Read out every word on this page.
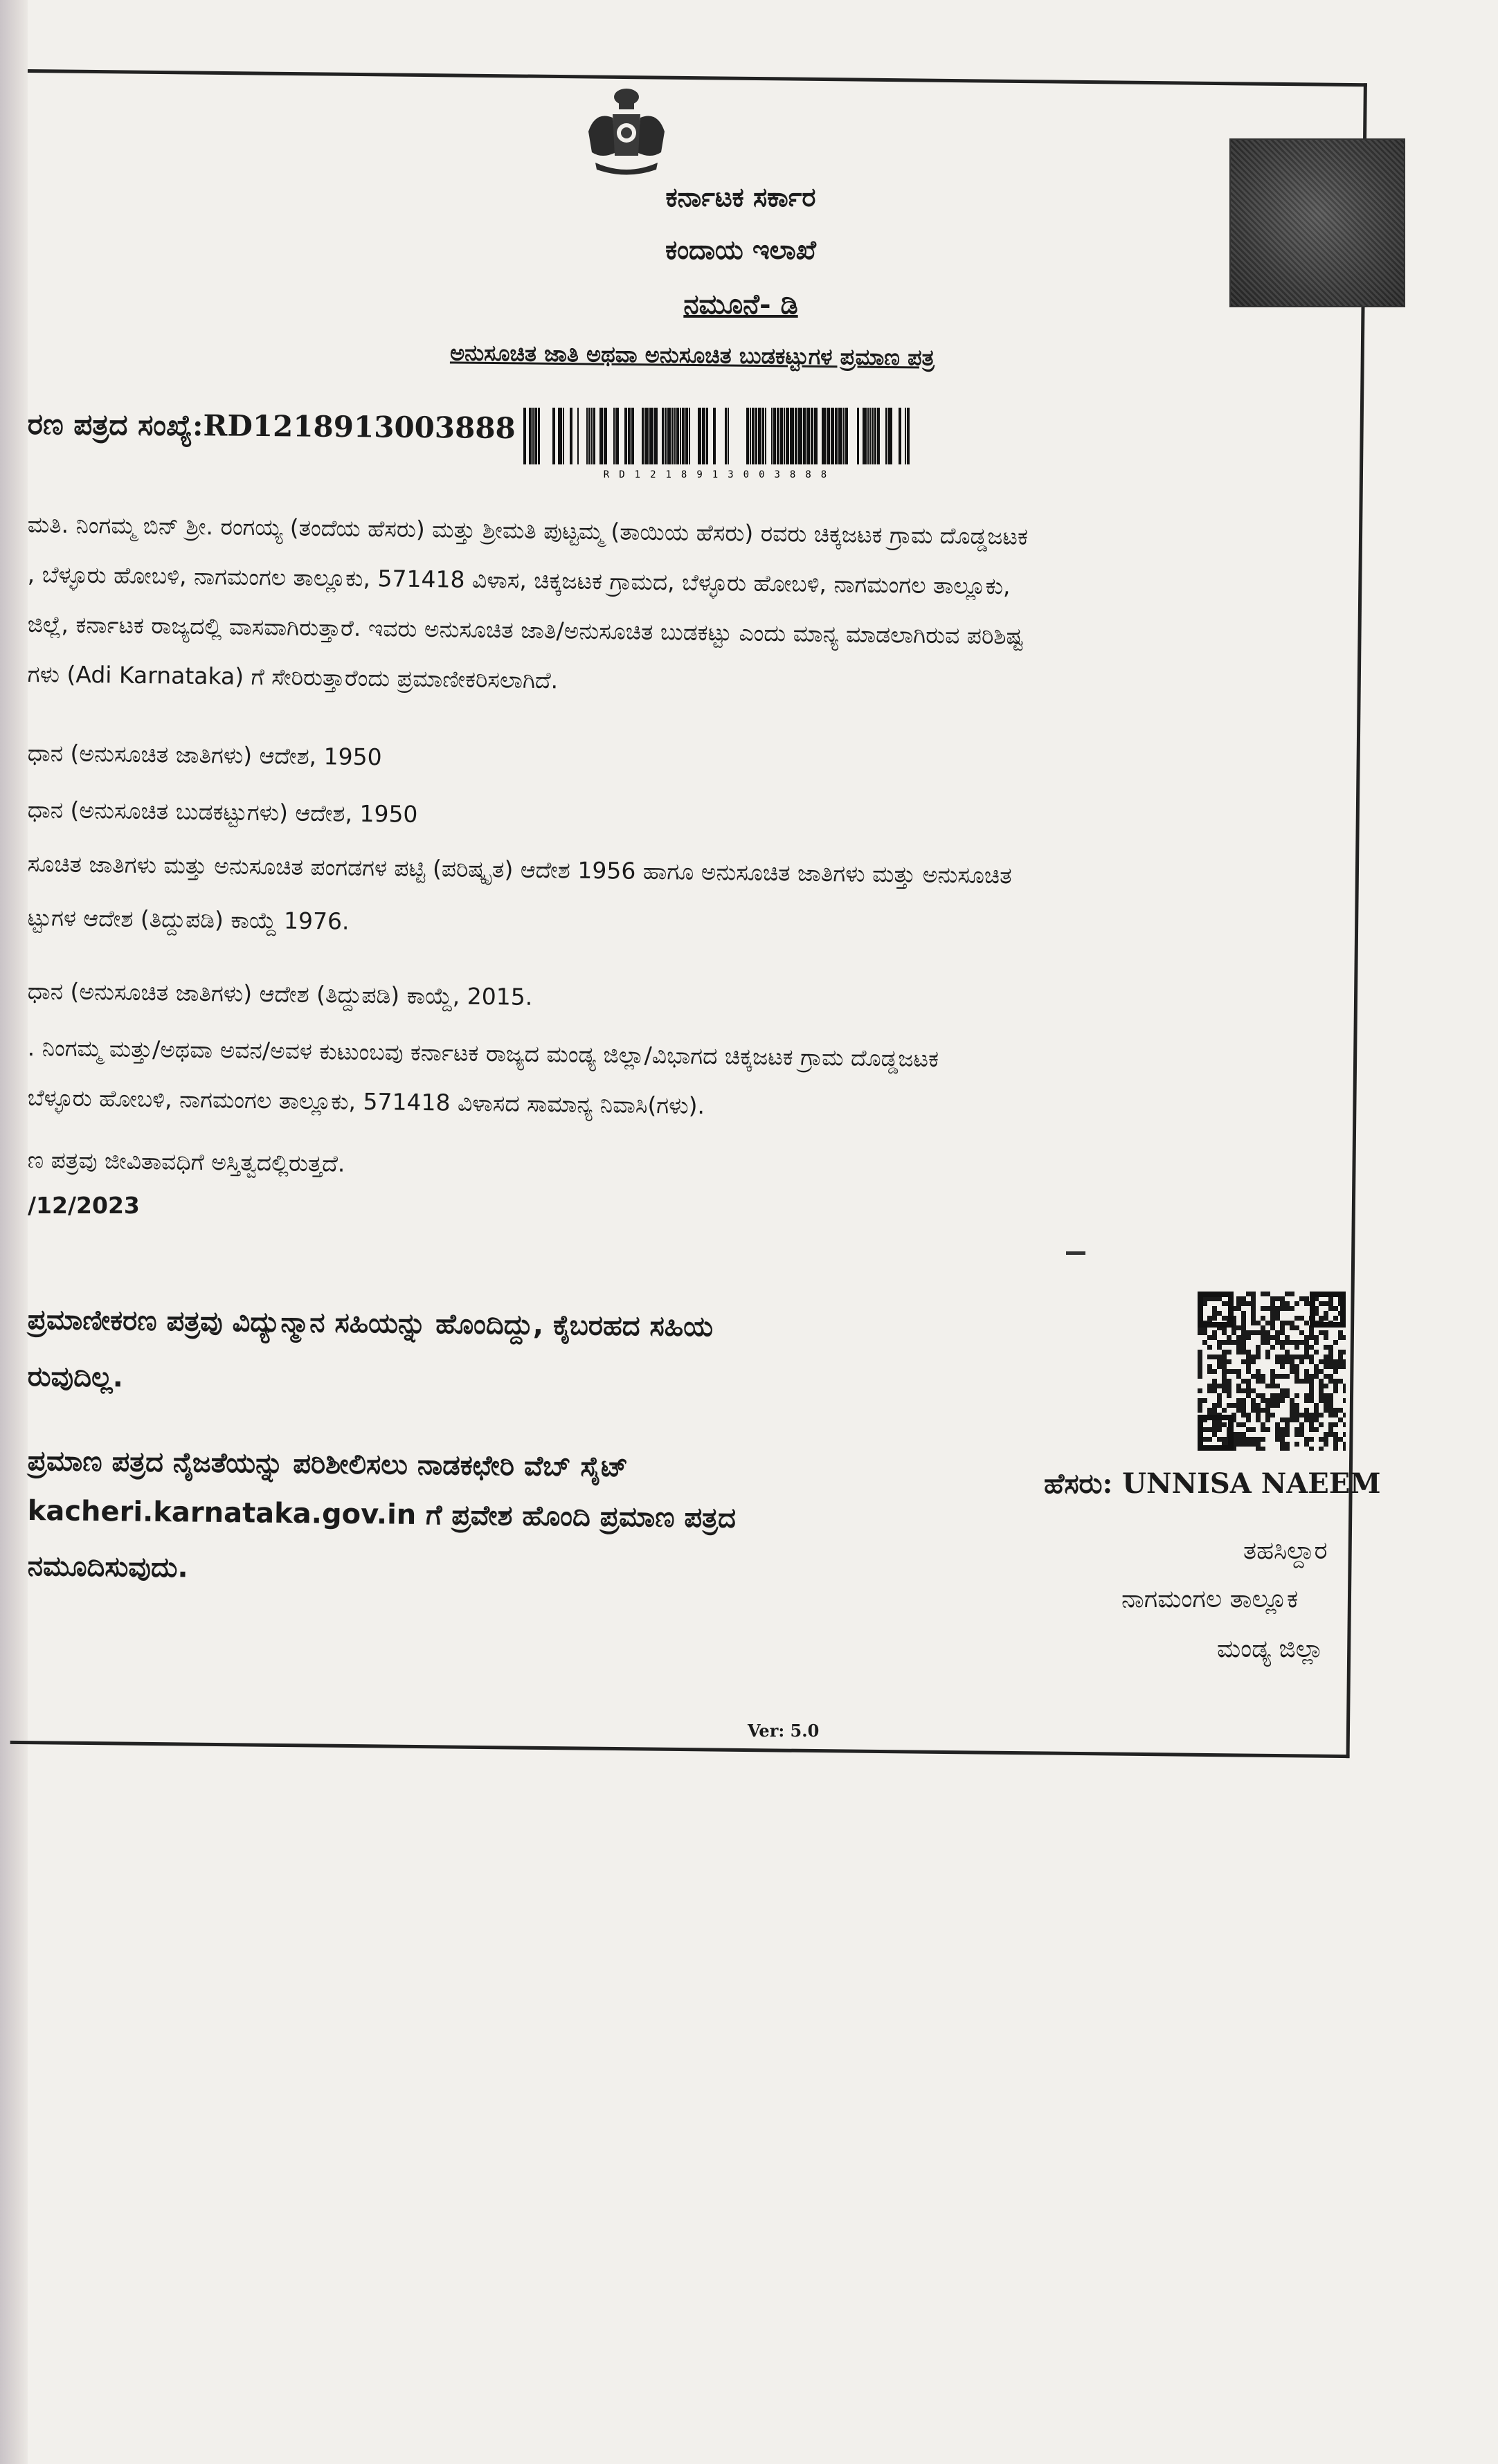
ಕರ್ನಾಟಕ ಸರ್ಕಾರ
ಕಂದಾಯ ಇಲಾಖೆ
ನಮೂನೆ- ಡಿ
ಅನುಸೂಚಿತ ಜಾತಿ ಅಥವಾ ಅನುಸೂಚಿತ ಬುಡಕಟ್ಟುಗಳ ಪ್ರಮಾಣ ಪತ್ರ
ರಣ ಪತ್ರದ ಸಂಖ್ಯೆ:RD1218913003888
RD1218913003888
ಮತಿ. ನಿಂಗಮ್ಮ ಬಿನ್ ಶ್ರೀ. ರಂಗಯ್ಯ (ತಂದೆಯ ಹೆಸರು) ಮತ್ತು ಶ್ರೀಮತಿ ಪುಟ್ಟಮ್ಮ (ತಾಯಿಯ ಹೆಸರು) ರವರು ಚಿಕ್ಕಜಟಕ ಗ್ರಾಮ ದೊಡ್ಡಜಟಕ
, ಬೆಳ್ಳೂರು ಹೋಬಳಿ, ನಾಗಮಂಗಲ ತಾಲ್ಲೂಕು, 571418 ವಿಳಾಸ, ಚಿಕ್ಕಜಟಕ ಗ್ರಾಮದ, ಬೆಳ್ಳೂರು ಹೋಬಳಿ, ನಾಗಮಂಗಲ ತಾಲ್ಲೂಕು,
ಜಿಲ್ಲೆ, ಕರ್ನಾಟಕ ರಾಜ್ಯದಲ್ಲಿ ವಾಸವಾಗಿರುತ್ತಾರೆ. ಇವರು ಅನುಸೂಚಿತ ಜಾತಿ/ಅನುಸೂಚಿತ ಬುಡಕಟ್ಟು ಎಂದು ಮಾನ್ಯ ಮಾಡಲಾಗಿರುವ ಪರಿಶಿಷ್ಟ
ಗಳು (Adi Karnataka) ಗೆ ಸೇರಿರುತ್ತಾರೆಂದು ಪ್ರಮಾಣೀಕರಿಸಲಾಗಿದೆ.
ಧಾನ (ಅನುಸೂಚಿತ ಜಾತಿಗಳು) ಆದೇಶ, 1950
ಧಾನ (ಅನುಸೂಚಿತ ಬುಡಕಟ್ಟುಗಳು) ಆದೇಶ, 1950
ಸೂಚಿತ ಜಾತಿಗಳು ಮತ್ತು ಅನುಸೂಚಿತ ಪಂಗಡಗಳ ಪಟ್ಟಿ (ಪರಿಷ್ಕೃತ) ಆದೇಶ 1956 ಹಾಗೂ ಅನುಸೂಚಿತ ಜಾತಿಗಳು ಮತ್ತು ಅನುಸೂಚಿತ
ಟ್ಟುಗಳ ಆದೇಶ (ತಿದ್ದುಪಡಿ) ಕಾಯ್ದೆ 1976.
ಧಾನ (ಅನುಸೂಚಿತ ಜಾತಿಗಳು) ಆದೇಶ (ತಿದ್ದುಪಡಿ) ಕಾಯ್ದೆ, 2015.
. ನಿಂಗಮ್ಮ ಮತ್ತು/ಅಥವಾ ಅವನ/ಅವಳ ಕುಟುಂಬವು ಕರ್ನಾಟಕ ರಾಜ್ಯದ ಮಂಡ್ಯ ಜಿಲ್ಲಾ/ವಿಭಾಗದ ಚಿಕ್ಕಜಟಕ ಗ್ರಾಮ ದೊಡ್ಡಜಟಕ
ಬೆಳ್ಳೂರು ಹೋಬಳಿ, ನಾಗಮಂಗಲ ತಾಲ್ಲೂಕು, 571418 ವಿಳಾಸದ ಸಾಮಾನ್ಯ ನಿವಾಸಿ(ಗಳು).
ಣ ಪತ್ರವು ಜೀವಿತಾವಧಿಗೆ ಅಸ್ತಿತ್ವದಲ್ಲಿರುತ್ತದೆ.
/12/2023
ಪ್ರಮಾಣೀಕರಣ ಪತ್ರವು ವಿದ್ಯುನ್ಮಾನ ಸಹಿಯನ್ನು ಹೊಂದಿದ್ದು, ಕೈಬರಹದ ಸಹಿಯ
ರುವುದಿಲ್ಲ.
ಪ್ರಮಾಣ ಪತ್ರದ ನೈಜತೆಯನ್ನು ಪರಿಶೀಲಿಸಲು ನಾಡಕಛೇರಿ ವೆಬ್ ಸೈಟ್
kacheri.karnataka.gov.in ಗೆ ಪ್ರವೇಶ ಹೊಂದಿ ಪ್ರಮಾಣ ಪತ್ರದ
ನಮೂದಿಸುವುದು.
ಹೆಸರು: UNNISA NAEEM
ತಹಸಿಲ್ದಾರ
ನಾಗಮಂಗಲ ತಾಲ್ಲೂಕ
ಮಂಡ್ಯ ಜಿಲ್ಲಾ
Ver: 5.0
